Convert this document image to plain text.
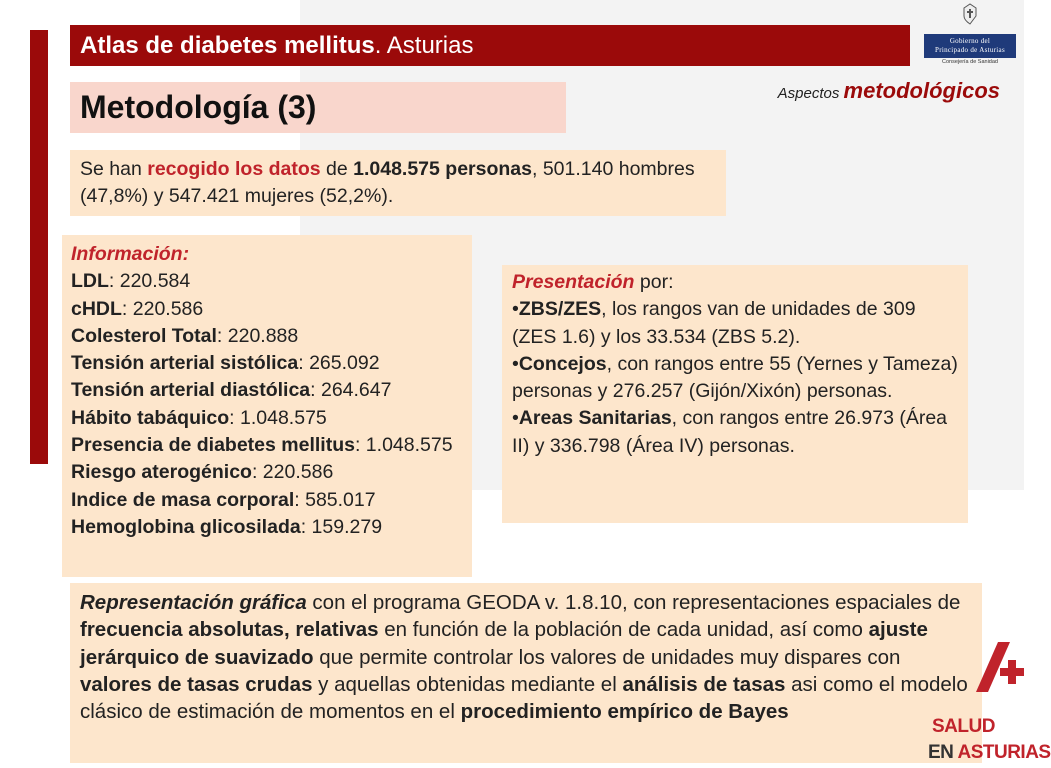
Atlas de diabetes mellitus. Asturias	Gobierno del
Principado de Asturias
Consejería de Sanidad
Metodología (3)	Aspectos metodológicos
Se han recogido los datos de 1.048.575 personas, 501.140 hombres (47,8%) y 547.421 mujeres (52,2%).
Información:
LDL: 220.584
cHDL: 220.586
Colesterol Total: 220.888
Tensión arterial sistólica: 265.092
Tensión arterial diastólica: 264.647
Hábito tabáquico: 1.048.575
Presencia de diabetes mellitus: 1.048.575
Riesgo aterogénico: 220.586
Indice de masa corporal: 585.017
Hemoglobina glicosilada: 159.279
Presentación por:
•ZBS/ZES, los rangos van de unidades de 309 (ZES 1.6) y los 33.534 (ZBS 5.2).
•Concejos, con rangos entre 55 (Yernes y Tameza) personas y 276.257 (Gijón/Xixón) personas.
•Areas Sanitarias, con rangos entre 26.973 (Área II) y 336.798 (Área IV) personas.
Representación gráfica con el programa GEODA v. 1.8.10, con representaciones espaciales de frecuencia absolutas, relativas en función de la población de cada unidad, así como ajuste jerárquico de suavizado que permite controlar los valores de unidades muy dispares con valores de tasas crudas y aquellas obtenidas mediante el análisis de tasas asi como el modelo clásico de estimación de momentos en el procedimiento empírico de Bayes
SALUD
EN ASTURIAS
